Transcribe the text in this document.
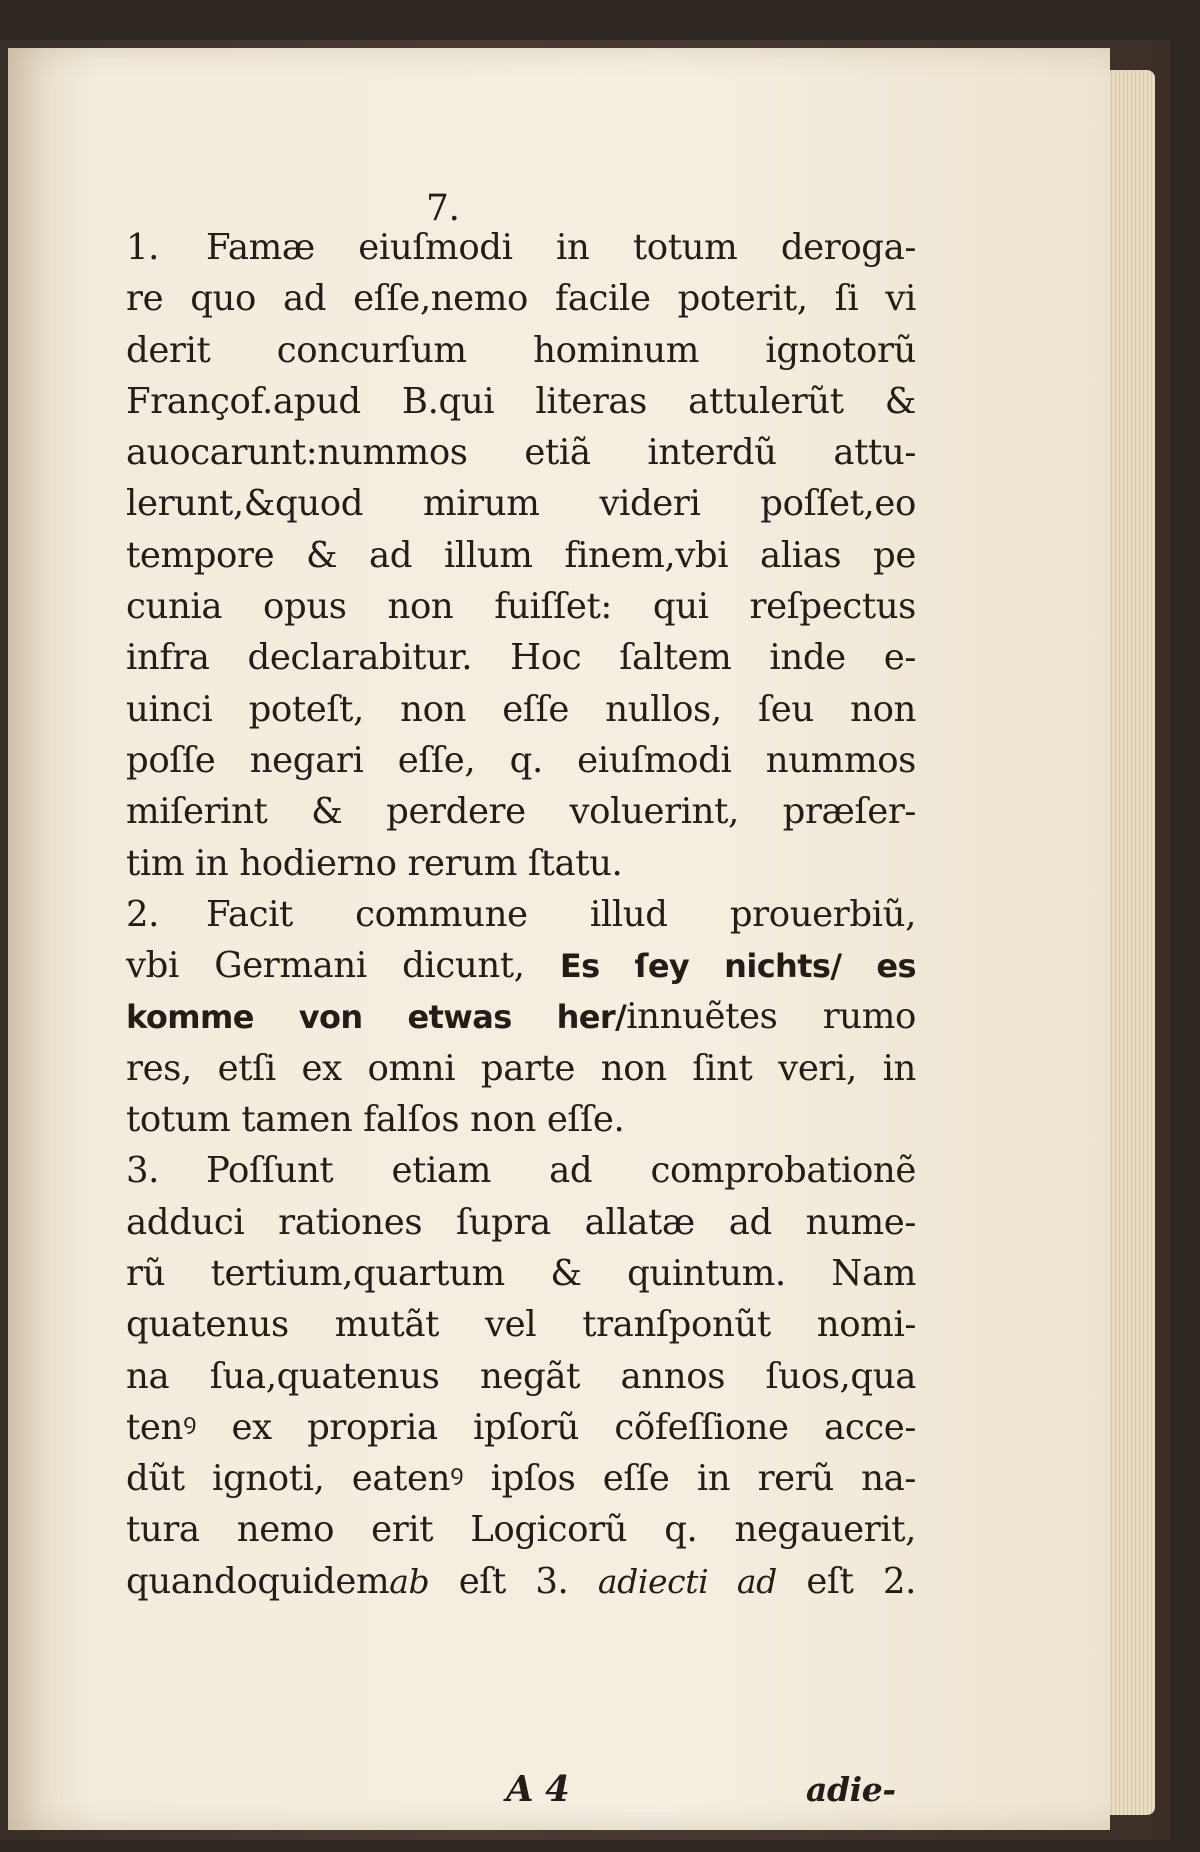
7.
1. Famæ eiuſmodi in totum deroga-
re quo ad eſſe,nemo facile poterit, ſi vi
derit concurſum hominum ignotorũ
Françof.apud B.qui literas attulerũt &
auocarunt:nummos etiã interdũ attu-
lerunt,&quod mirum videri poſſet,eo
tempore & ad illum finem,vbi alias pe
cunia opus non fuiſſet: qui reſpectus
infra declarabitur. Hoc ſaltem inde e-
uinci poteſt, non eſſe nullos, ſeu non
poſſe negari eſſe, q. eiuſmodi nummos
miſerint & perdere voluerint, præſer-
tim in hodierno rerum ſtatu.
2. Facit commune illud prouerbiũ,
vbi Germani dicunt, Es ſey nichts/ es
komme von etwas her/innuẽtes rumo
res, etſi ex omni parte non ſint veri, in
totum tamen falſos non eſſe.
3. Poſſunt etiam ad comprobationẽ
adduci rationes ſupra allatæ ad nume-
rũ tertium,quartum & quintum. Nam
quatenus mutãt vel tranſponũt nomi-
na ſua,quatenus negãt annos ſuos,qua
tenꝰ ex propria ipſorũ cõfeſſione acce-
dũt ignoti, eatenꝰ ipſos eſſe in rerũ na-
tura nemo erit Logicorũ q. negauerit,
quandoquidemab eſt 3. adiecti ad eſt 2.
A 4	adie-
